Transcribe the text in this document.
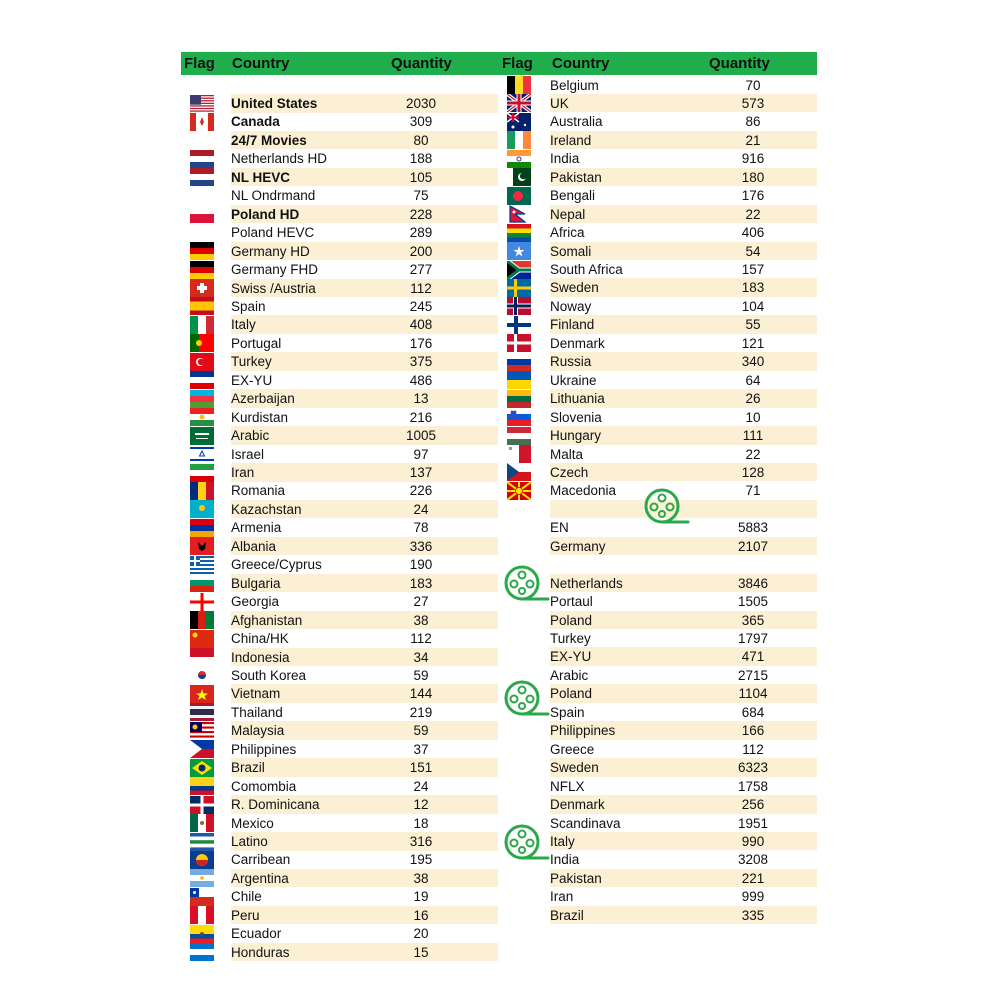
Flag Country	Quantity	Flag Country	Quantity
United States	2030
Canada	309
24/7 Movies	80
Netherlands HD	188
NL HEVC	105
NL Ondrmand	75
Poland HD	228
Poland HEVC	289
Germany HD	200
Germany FHD	277
Swiss /Austria	112
Spain	245
Italy	408
Portugal	176
Turkey	375
EX-YU	486
Azerbaijan	13
Kurdistan	216
Arabic	1005
Israel	97
Iran	137
Romania	226
Kazachstan	24
Armenia	78
Albania	336
Greece/Cyprus	190
Bulgaria	183
Georgia	27
Afghanistan	38
China/HK	112
Indonesia	34
South Korea	59
Vietnam	144
Thailand	219
Malaysia	59
Philippines	37
Brazil	151
Comombia	24
R. Dominicana	12
Mexico	18
Latino	316
Carribean	195
Argentina	38
Chile	19
Peru	16
Ecuador	20
Honduras	15
Belgium	70
UK	573
Australia	86
Ireland	21
India	916
Pakistan	180
Bengali	176
Nepal	22
Africa	406
Somali	54
South Africa	157
Sweden	183
Noway	104
Finland	55
Denmark	121
Russia	340
Ukraine	64
Lithuania	26
Slovenia	10
Hungary	111
Malta	22
Czech	128
Macedonia	71
EN	5883
Germany	2107
Netherlands	3846
Portaul	1505
Poland	365
Turkey	1797
EX-YU	471
Arabic	2715
Poland	1104
Spain	684
Philippines	166
Greece	112
Sweden	6323
NFLX	1758
Denmark	256
Scandinava	1951
Italy	990
India	3208
Pakistan	221
Iran	999
Brazil	335
